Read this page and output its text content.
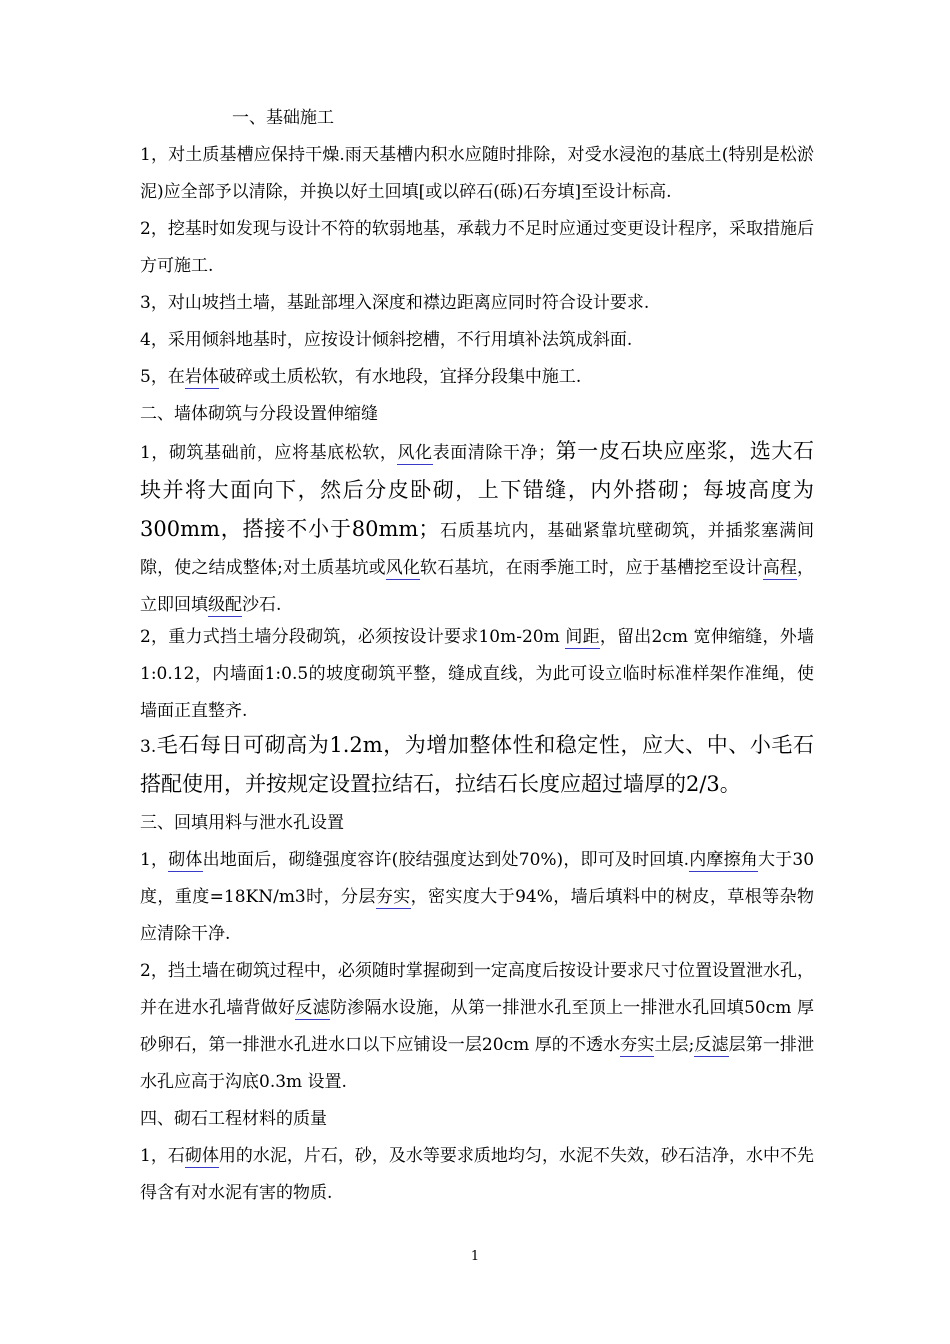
一、基础施工
1，对土质基槽应保持干燥.雨天基槽内积水应随时排除，对受水浸泡的基底土(特别是松淤泥)应全部予以清除，并换以好土回填[或以碎石(砾)石夯填]至设计标高.
2，挖基时如发现与设计不符的软弱地基，承载力不足时应通过变更设计程序，采取措施后方可施工.
3，对山坡挡土墙，基趾部埋入深度和襟边距离应同时符合设计要求.
4，采用倾斜地基时，应按设计倾斜挖槽，不行用填补法筑成斜面.
5，在岩体破碎或土质松软，有水地段，宜择分段集中施工.
二、墙体砌筑与分段设置伸缩缝
1，砌筑基础前，应将基底松软，风化表面清除干净；第一皮石块应座浆，选大石块并将大面向下，然后分皮卧砌，上下错缝，内外搭砌；每坡高度为300mm，搭接不小于80mm；石质基坑内，基础紧靠坑壁砌筑，并插浆塞满间隙，使之结成整体;对土质基坑或风化软石基坑，在雨季施工时，应于基槽挖至设计高程，立即回填级配沙石.
2，重力式挡土墙分段砌筑，必须按设计要求10m-20m 间距，留出2cm 宽伸缩缝，外墙1:0.12，内墙面1:0.5的坡度砌筑平整，缝成直线，为此可设立临时标准样架作准绳，使墙面正直整齐.
3.毛石每日可砌高为1.2m，为增加整体性和稳定性，应大、中、小毛石搭配使用，并按规定设置拉结石，拉结石长度应超过墙厚的2/3。
三、回填用料与泄水孔设置
1，砌体出地面后，砌缝强度容许(胶结强度达到处70%)，即可及时回填.内摩擦角大于30度，重度=18KN/m3时，分层夯实，密实度大于94%，墙后填料中的树皮，草根等杂物应清除干净.
2，挡土墙在砌筑过程中，必须随时掌握砌到一定高度后按设计要求尺寸位置设置泄水孔，并在进水孔墙背做好反滤防渗隔水设施，从第一排泄水孔至顶上一排泄水孔回填50cm 厚砂卵石，第一排泄水孔进水口以下应铺设一层20cm 厚的不透水夯实土层;反滤层第一排泄水孔应高于沟底0.3m 设置.
四、砌石工程材料的质量
1，石砌体用的水泥，片石，砂，及水等要求质地均匀，水泥不失效，砂石洁净，水中不先得含有对水泥有害的物质.
1
